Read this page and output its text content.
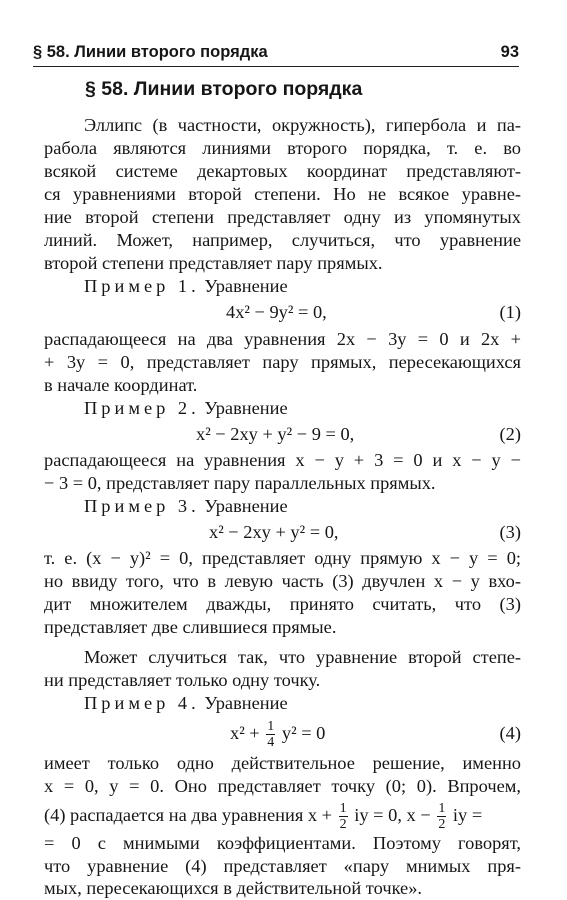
§ 58. Линии второго порядка	93
§ 58. Линии второго порядка
Эллипс (в частности, окружность), гипербола и па-
рабола являются линиями второго порядка, т. е. во
всякой системе декартовых координат представляют-
ся уравнениями второй степени. Но не всякое уравне-
ние второй степени представляет одну из упомянутых
линий. Может, например, случиться, что уравнение
второй степени представляет пару прямых.
Пример 1. Уравнение
4x² − 9y² = 0,	(1)
распадающееся на два уравнения 2x − 3y = 0 и 2x +
+ 3y = 0, представляет пару прямых, пересекающихся
в начале координат.
Пример 2. Уравнение
x² − 2xy + y² − 9 = 0,	(2)
распадающееся на уравнения x − y + 3 = 0 и x − y −
− 3 = 0, представляет пару параллельных прямых.
Пример 3. Уравнение
x² − 2xy + y² = 0,	(3)
т. е. (x − y)² = 0, представляет одну прямую x − y = 0;
но ввиду того, что в левую часть (3) двучлен x − y вхо-
дит множителем дважды, принято считать, что (3)
представляет две слившиеся прямые.
Может случиться так, что уравнение второй степе-
ни представляет только одну точку.
Пример 4. Уравнение
$x^2 + \frac{1}{4} y^2 = 0$	(4)
имеет только одно действительное решение, именно
x = 0, y = 0. Оно представляет точку (0; 0). Впрочем,
(4) распадается на два уравнения $x + \frac{1}{2}$ iy = 0, $x - \frac{1}{2}$ iy =
= 0 с мнимыми коэффициентами. Поэтому говорят,
что уравнение (4) представляет «пару мнимых пря-
мых, пересекающихся в действительной точке».
